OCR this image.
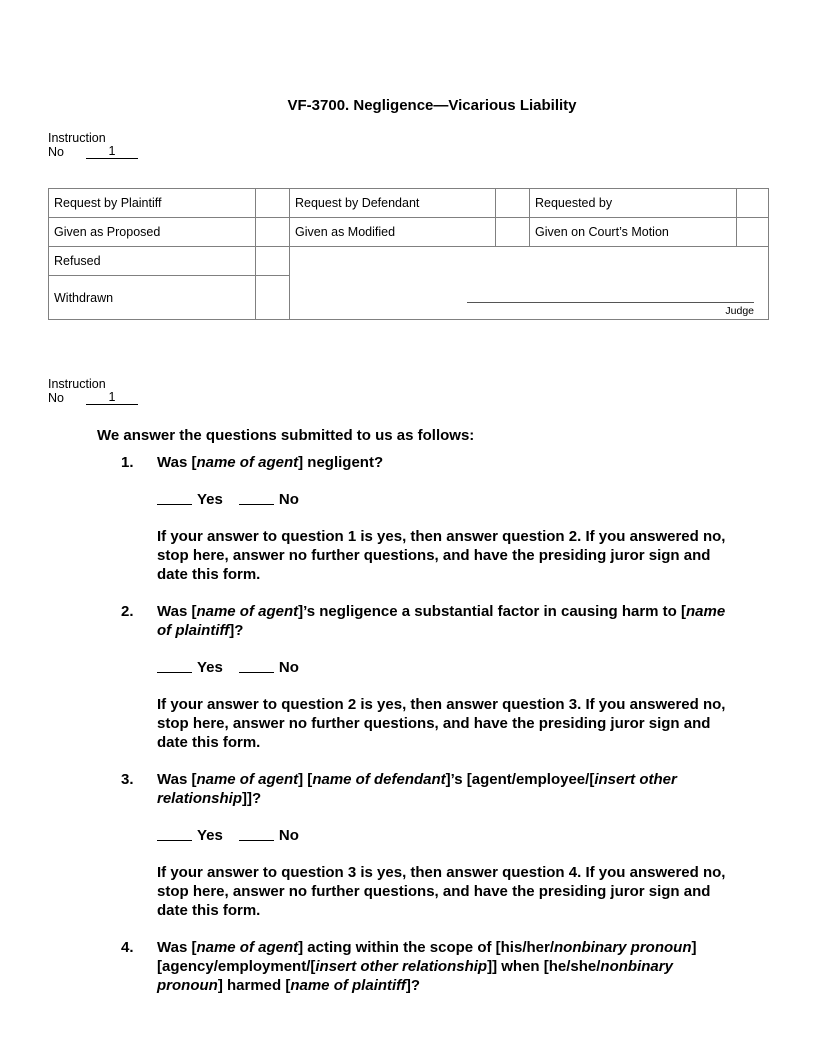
VF-3700. Negligence—Vicarious Liability
Instruction
No	1
Request by Plaintiff		Request by Defendant		Requested by	
Given as Proposed		Given as Modified		Given on Court’s Motion	
Refused		Judge			

Withdrawn					
Instruction
No	1
We answer the questions submitted to us as follows:
1.	Was [name of agent] negligent?
Yes	No
If your answer to question 1 is yes, then answer question 2. If you answered no, stop here, answer no further questions, and have the presiding juror sign and date this form.
2.	Was [name of agent]’s negligence a substantial factor in causing harm to [name of plaintiff]?
Yes	No
If your answer to question 2 is yes, then answer question 3. If you answered no, stop here, answer no further questions, and have the presiding juror sign and date this form.
3.	Was [name of agent] [name of defendant]’s [agent/employee/[insert other relationship]]?
Yes	No
If your answer to question 3 is yes, then answer question 4. If you answered no, stop here, answer no further questions, and have the presiding juror sign and date this form.
4.	Was [name of agent] acting within the scope of [his/her/nonbinary pronoun] [agency/employment/[insert other relationship]] when [he/she/nonbinary pronoun] harmed [name of plaintiff]?
